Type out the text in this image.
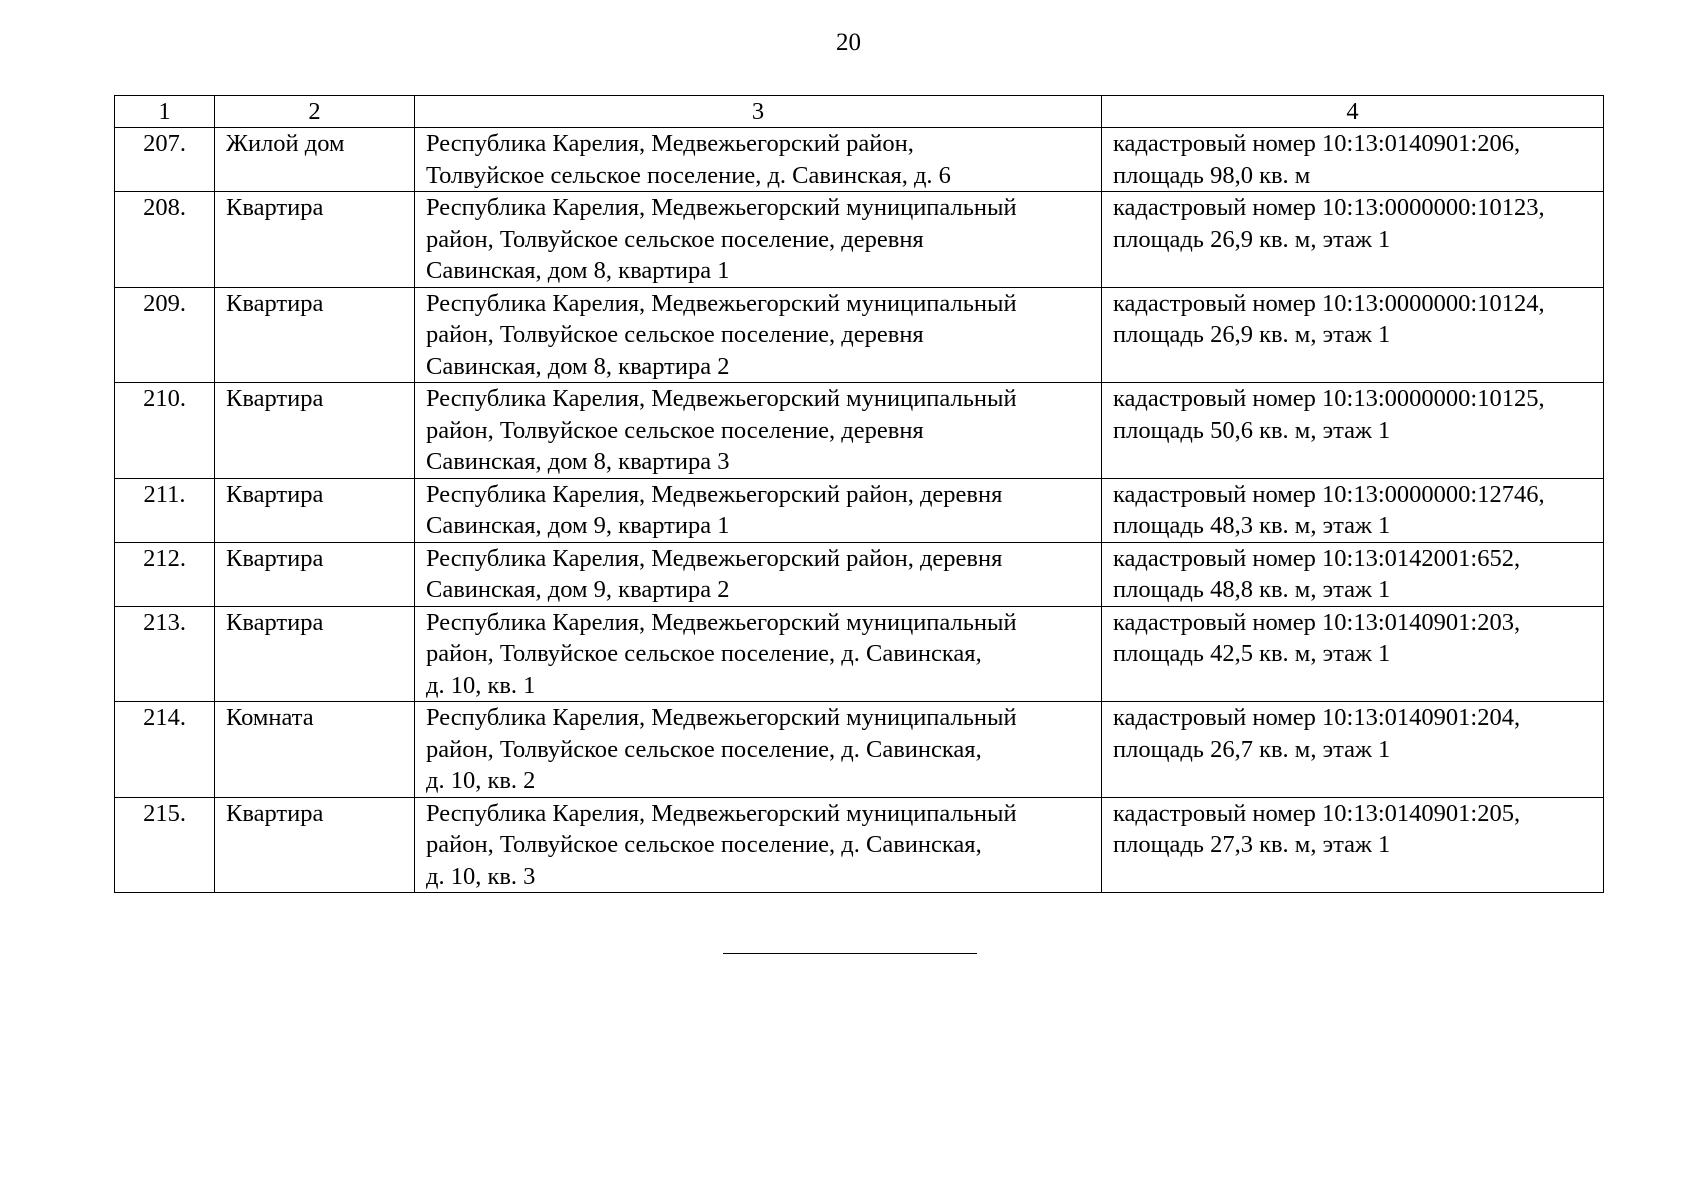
20
1	2	3	4
207.	Жилой дом	Республика Карелия, Медвежьегорский район,
Толвуйское сельское поселение, д. Савинская, д. 6	кадастровый номер 10:13:0140901:206,
площадь 98,0 кв. м
208.	Квартира	Республика Карелия, Медвежьегорский муниципальный
район, Толвуйское сельское поселение, деревня
Савинская, дом 8, квартира 1	кадастровый номер 10:13:0000000:10123,
площадь 26,9 кв. м, этаж 1
209.	Квартира	Республика Карелия, Медвежьегорский муниципальный
район, Толвуйское сельское поселение, деревня
Савинская, дом 8, квартира 2	кадастровый номер 10:13:0000000:10124,
площадь 26,9 кв. м, этаж 1
210.	Квартира	Республика Карелия, Медвежьегорский муниципальный
район, Толвуйское сельское поселение, деревня
Савинская, дом 8, квартира 3	кадастровый номер 10:13:0000000:10125,
площадь 50,6 кв. м, этаж 1
211.	Квартира	Республика Карелия, Медвежьегорский район, деревня
Савинская, дом 9, квартира 1	кадастровый номер 10:13:0000000:12746,
площадь 48,3 кв. м, этаж 1
212.	Квартира	Республика Карелия, Медвежьегорский район, деревня
Савинская, дом 9, квартира 2	кадастровый номер 10:13:0142001:652,
площадь 48,8 кв. м, этаж 1
213.	Квартира	Республика Карелия, Медвежьегорский муниципальный
район, Толвуйское сельское поселение, д. Савинская,
д. 10, кв. 1	кадастровый номер 10:13:0140901:203,
площадь 42,5 кв. м, этаж 1
214.	Комната	Республика Карелия, Медвежьегорский муниципальный
район, Толвуйское сельское поселение, д. Савинская,
д. 10, кв. 2	кадастровый номер 10:13:0140901:204,
площадь 26,7 кв. м, этаж 1
215.	Квартира	Республика Карелия, Медвежьегорский муниципальный
район, Толвуйское сельское поселение, д. Савинская,
д. 10, кв. 3	кадастровый номер 10:13:0140901:205,
площадь 27,3 кв. м, этаж 1
